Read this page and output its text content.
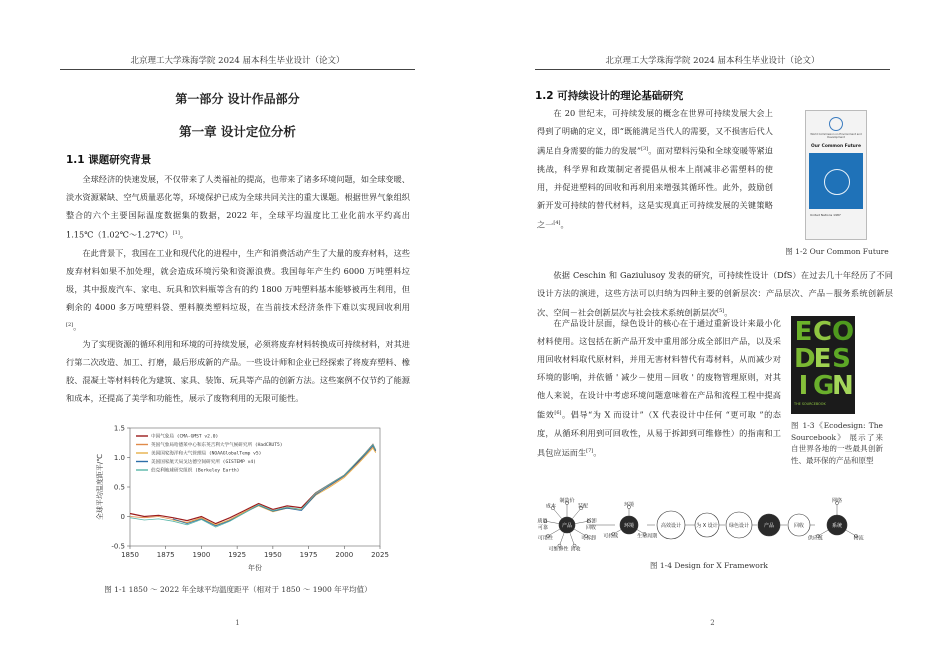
北京理工大学珠海学院 2024 届本科生毕业设计（论文）
第一部分 设计作品部分
第一章 设计定位分析
1.1 课题研究背景

全球经济的快速发展，不仅带来了人类福祉的提高，也带来了诸多环境问题，如全球变暖、淡水资源紧缺、空气质量恶化等，环境保护已成为全球共同关注的重大课题。根据世界气象组织整合的六个主要国际温度数据集的数据，2022 年，全球平均温度比工业化前水平约高出 1.15℃（1.02℃～1.27℃）[1]。

在此背景下，我国在工业和现代化的进程中，生产和消费活动产生了大量的废弃材料，这些废弃材料如果不加处理，就会造成环境污染和资源浪费。我国每年产生约 6000 万吨塑料垃圾，其中报废汽车、家电、玩具和饮料瓶等含有的约 1800 万吨塑料基本能够被再生利用，但剩余的 4000 多万吨塑料袋、塑料膜类塑料垃圾，在当前技术经济条件下难以实现回收利用[2]。

为了实现资源的循环利用和环境的可持续发展，必须将废弃材料转换成可持续材料，对其进行第二次改造、加工、打磨，最后形成新的产品。一些设计师和企业已经探索了将废弃塑料、橡胶、混凝土等材料转化为建筑、家具、装饰、玩具等产品的创新方法。这些案例不仅节约了能源和成本，还提高了美学和功能性，展示了废物利用的无限可能性。

1850	1875	1900	1925	1950	1975	2000	2025
-0.5
0
0.5
1.0
1.5
年份
全球平均温度距平/℃
中国气象局 (CMA-GMST v2.0)
英国气象局哈德莱中心和东英吉利大学气候研究所 (HadCRUT5)
美国国家海洋和大气管理局 (NOAAGlobalTemp v5)
美国国家航天局戈达德空间研究所 (GISTEMP v4)
伯克利地球研究组织 (Berkeley Earth)
图 1-1 1850 ～ 2022 年全球平均温度距平（相对于 1850 ～ 1900 年平均值）
1
北京理工大学珠海学院 2024 届本科生毕业设计（论文）
1.2 可持续设计的理论基础研究

在 20 世纪末，可持续发展的概念在世界可持续发展大会上得到了明确的定义，即“既能满足当代人的需要，又不损害后代人满足自身需要的能力的发展”[3]。面对塑料污染和全球变暖等紧迫挑战，科学界和政策制定者提倡从根本上削减非必需塑料的使用，并促进塑料的回收和再利用来增强其循环性。此外，鼓励创新开发可持续的替代材料，这是实现真正可持续发展的关键策略之一[4]。

World Commission on Environment and Development
Our Common Future
United Nations 1987
图 1-2 Our Common Future

依据 Ceschin 和 Gaziulusoy 发表的研究，可持续性设计（DfS）在过去几十年经历了不同设计方法的演进，这些方法可以归纳为四种主要的创新层次：产品层次、产品－服务系统创新层次、空间－社会创新层次与社会技术系统创新层次[5]。

在产品设计层面，绿色设计的核心在于通过重新设计来最小化材料使用。这包括在新产品开发中重用部分成全部旧产品，以及采用回收材料取代原材料，并用无害材料替代有毒材料，从而减少对环境的影响，并依循 ' 减少－使用－回收 ' 的废物管理原则，对其他人来说，在设计中考虑环境问题意味着在产品和流程工程中提高能效[6]。倡导“为 X 而设计”（X 代表设计中任何 “更可取 ”的态度，从循环利用到可回收性，从易于拆卸到可维修性）的指南和工具包应运而生[7]。

E C O
D
E S
I G
N
THE SOURCEBOOK
图 1-3《Ecodesign: The Sourcebook》 展示了来自世界各地的一些最具创新性、最环保的产品和原型
制造价
装配
拆卸
可拆卸
回收
可维修性
可用性
质量
成本
产品
可靠	回收
环境
生命周期
可持续
环境	高效设计	为 X 设计 绿色设计	产品	回收
网络
物流
供应链
系统
图 1-4 Design for X Framework
2
